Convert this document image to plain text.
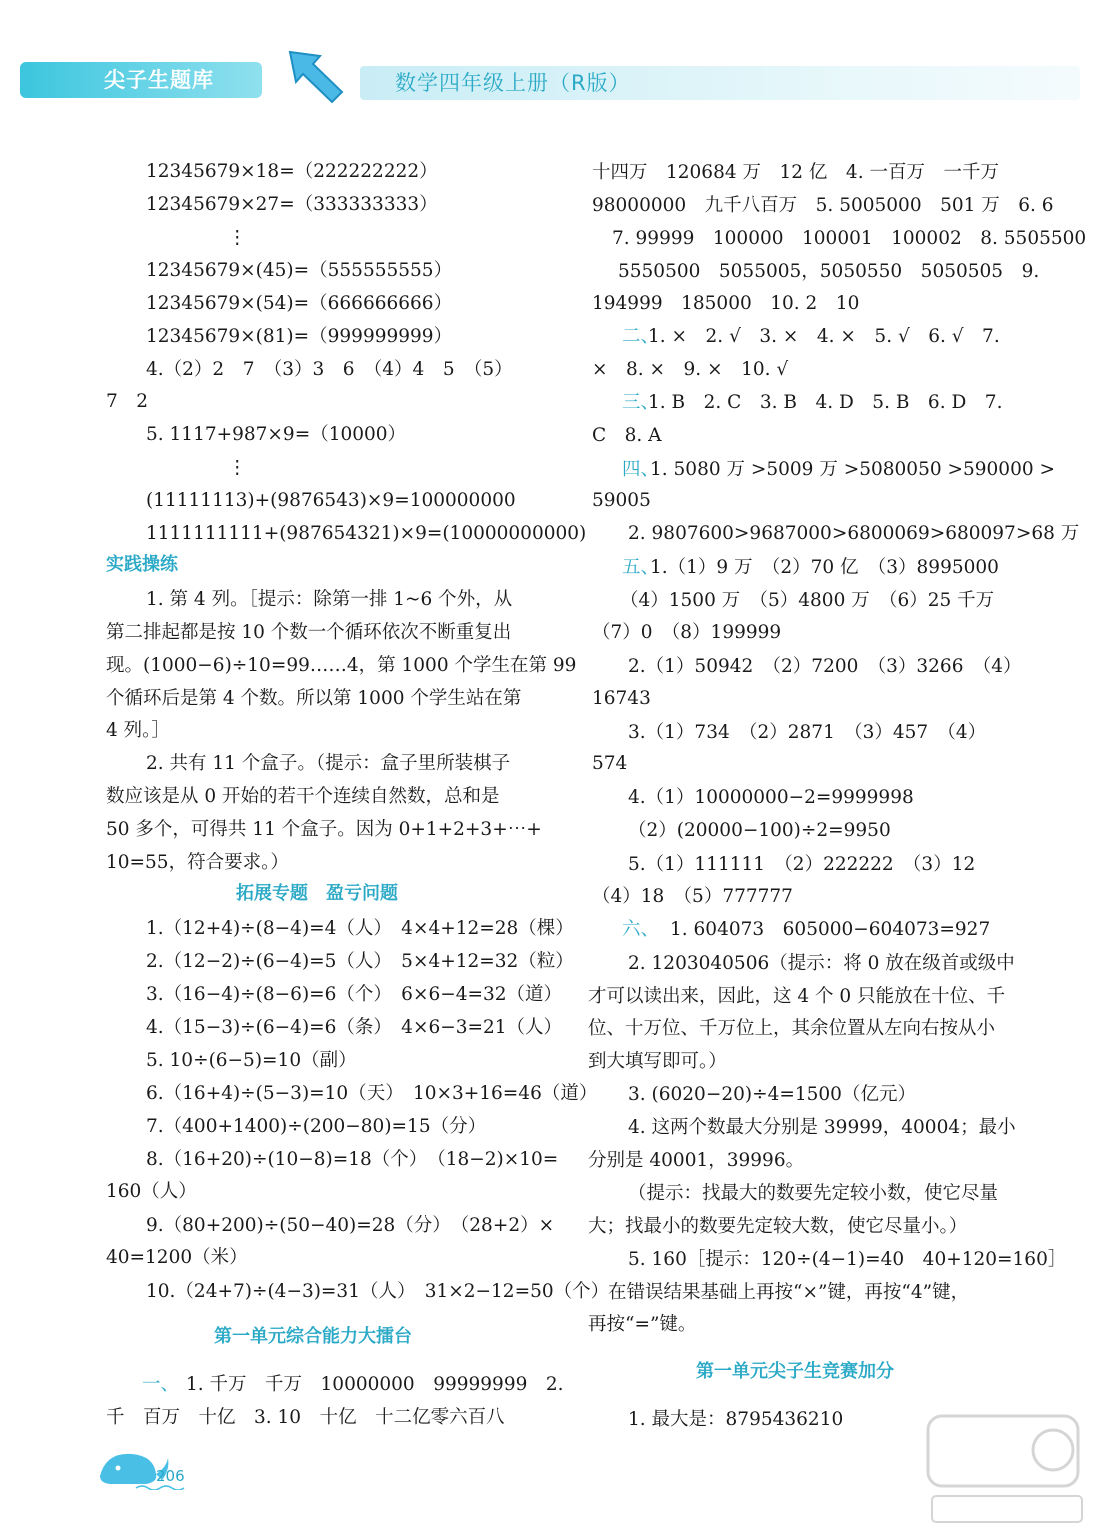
尖子生题库	数学四年级上册（R版）
206
12345679×18=（222222222）
12345679×27=（333333333）
⋮
12345679×(45)=（555555555）
12345679×(54)=（666666666）
12345679×(81)=（999999999）
4.（2）2　7　（3）3　6　（4）4　5　（5）
7　2
5. 1117+987×9=（10000）
⋮
(11111113)+(9876543)×9=100000000
1111111111+(987654321)×9=(10000000000)
实践操练
1. 第 4 列。［提示：除第一排 1~6 个外，从
第二排起都是按 10 个数一个循环依次不断重复出
现。(1000−6)÷10=99……4，第 1000 个学生在第 99
个循环后是第 4 个数。所以第 1000 个学生站在第
4 列。］
2. 共有 11 个盒子。（提示：盒子里所装棋子
数应该是从 0 开始的若干个连续自然数，总和是
50 多个，可得共 11 个盒子。因为 0+1+2+3+⋯+
10=55，符合要求。）
拓展专题　盈亏问题
1.（12+4)÷(8−4)=4（人）　4×4+12=28（棵）
2.（12−2)÷(6−4)=5（人）　5×4+12=32（粒）
3.（16−4)÷(8−6)=6（个）　6×6−4=32（道）
4.（15−3)÷(6−4)=6（条）　4×6−3=21（人）
5. 10÷(6−5)=10（副）
6.（16+4)÷(5−3)=10（天）　10×3+16=46（道）
7.（400+1400)÷(200−80)=15（分）
8.（16+20)÷(10−8)=18（个）　（18−2)×10=
160（人）
9.（80+200)÷(50−40)=28（分）　（28+2）×
40=1200（米）
10.（24+7)÷(4−3)=31（人）　31×2−12=50（个）
第一单元综合能力大擂台
1. 千万　千万　10000000　99999999　2.
千　百万　十亿　3. 10　十亿　十二亿零六百八
十四万　120684 万　12 亿　4. 一百万　一千万
98000000　九千八百万　5. 5005000　501 万　6. 6
7. 99999　100000　100001　100002　8. 5505500
5550500　5055005，5050550　5050505　9.
194999　185000　10. 2　10
1. ×　2. √　3. ×　4. ×　5. √　6. √　7.
×　8. ×　9. ×　10. √
1. B　2. C　3. B　4. D　5. B　6. D　7.
C　8. A
1. 5080 万 >5009 万 >5080050 >590000 >
59005
2. 9807600>9687000>6800069>680097>68 万
1.（1）9 万　（2）70 亿　（3）8995000
（4）1500 万　（5）4800 万　（6）25 千万
（7）0　（8）199999
2.（1）50942　（2）7200　（3）3266　（4）
16743
3.（1）734　（2）2871　（3）457　（4）
574
4.（1）10000000−2=9999998
（2）(20000−100)÷2=9950
5.（1）111111　（2）222222　（3）12
（4）18　（5）777777
1. 604073　605000−604073=927
2. 1203040506（提示：将 0 放在级首或级中
才可以读出来，因此，这 4 个 0 只能放在十位、千
位、十万位、千万位上，其余位置从左向右按从小
到大填写即可。）
3. (6020−20)÷4=1500（亿元）
4. 这两个数最大分别是 39999，40004；最小
分别是 40001，39996。
（提示：找最大的数要先定较小数，使它尽量
大；找最小的数要先定较大数，使它尽量小。）
5. 160［提示：120÷(4−1)=40　40+120=160］
在错误结果基础上再按“×”键，再按“4”键，
再按“=”键。
第一单元尖子生竞赛加分
1. 最大是：8795436210
一、
二、
三、
四、
五、
六、
